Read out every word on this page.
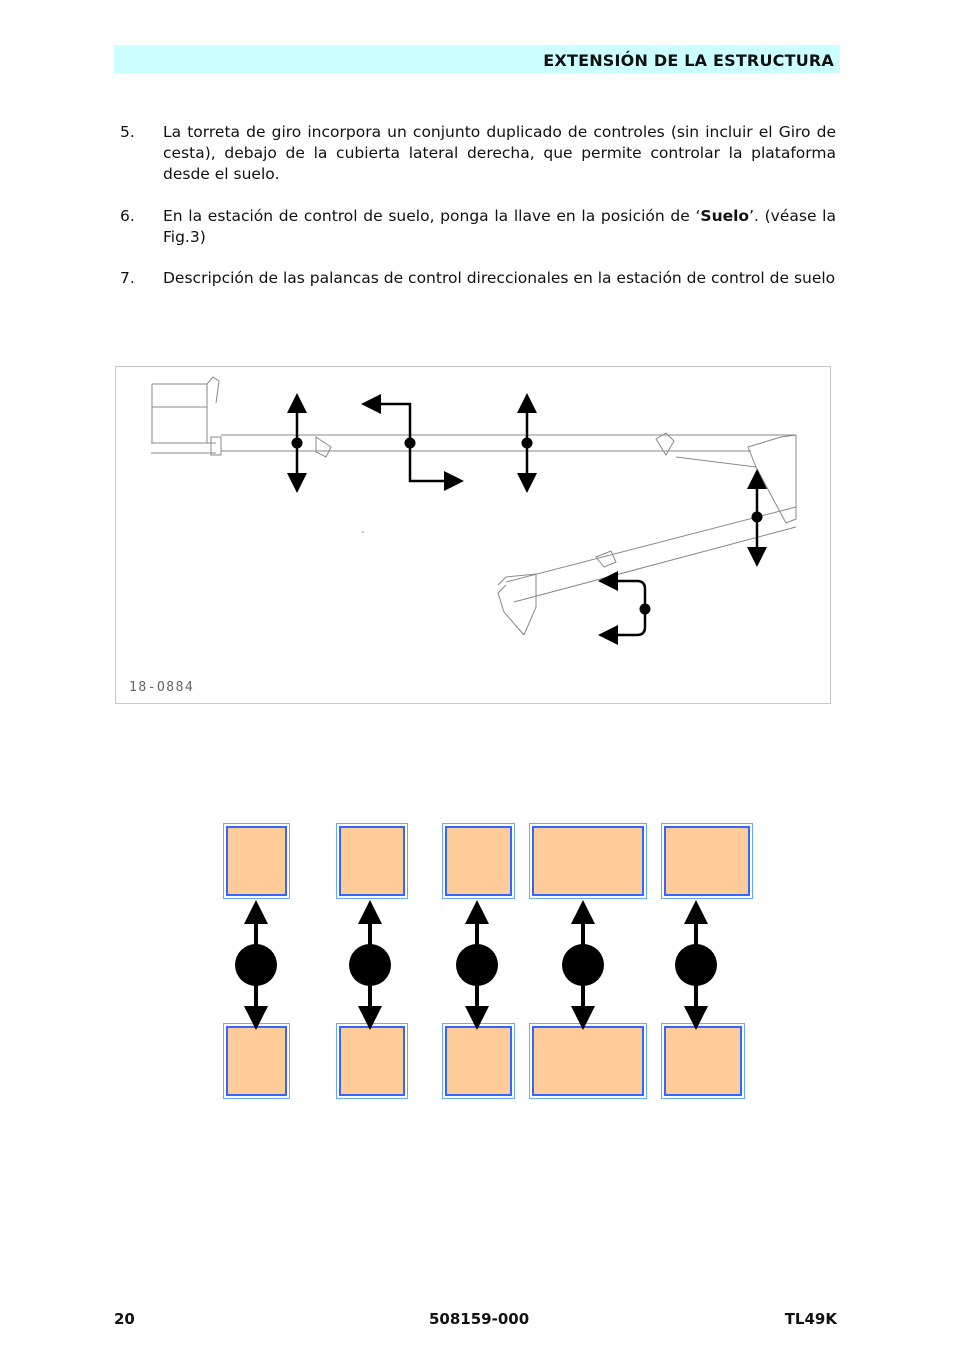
EXTENSIÓN DE LA ESTRUCTURA
5. La torreta de giro incorpora un conjunto duplicado de controles (sin incluir el Giro de cesta), debajo de la cubierta lateral derecha, que permite controlar la plataforma desde el suelo.
6. En la estación de control de suelo, ponga la llave en la posición de ‘Suelo’. (véase la Fig.3)
7. Descripción de las palancas de control direccionales en la estación de control de suelo
-
18-O884
20	508159-000	TL49K
